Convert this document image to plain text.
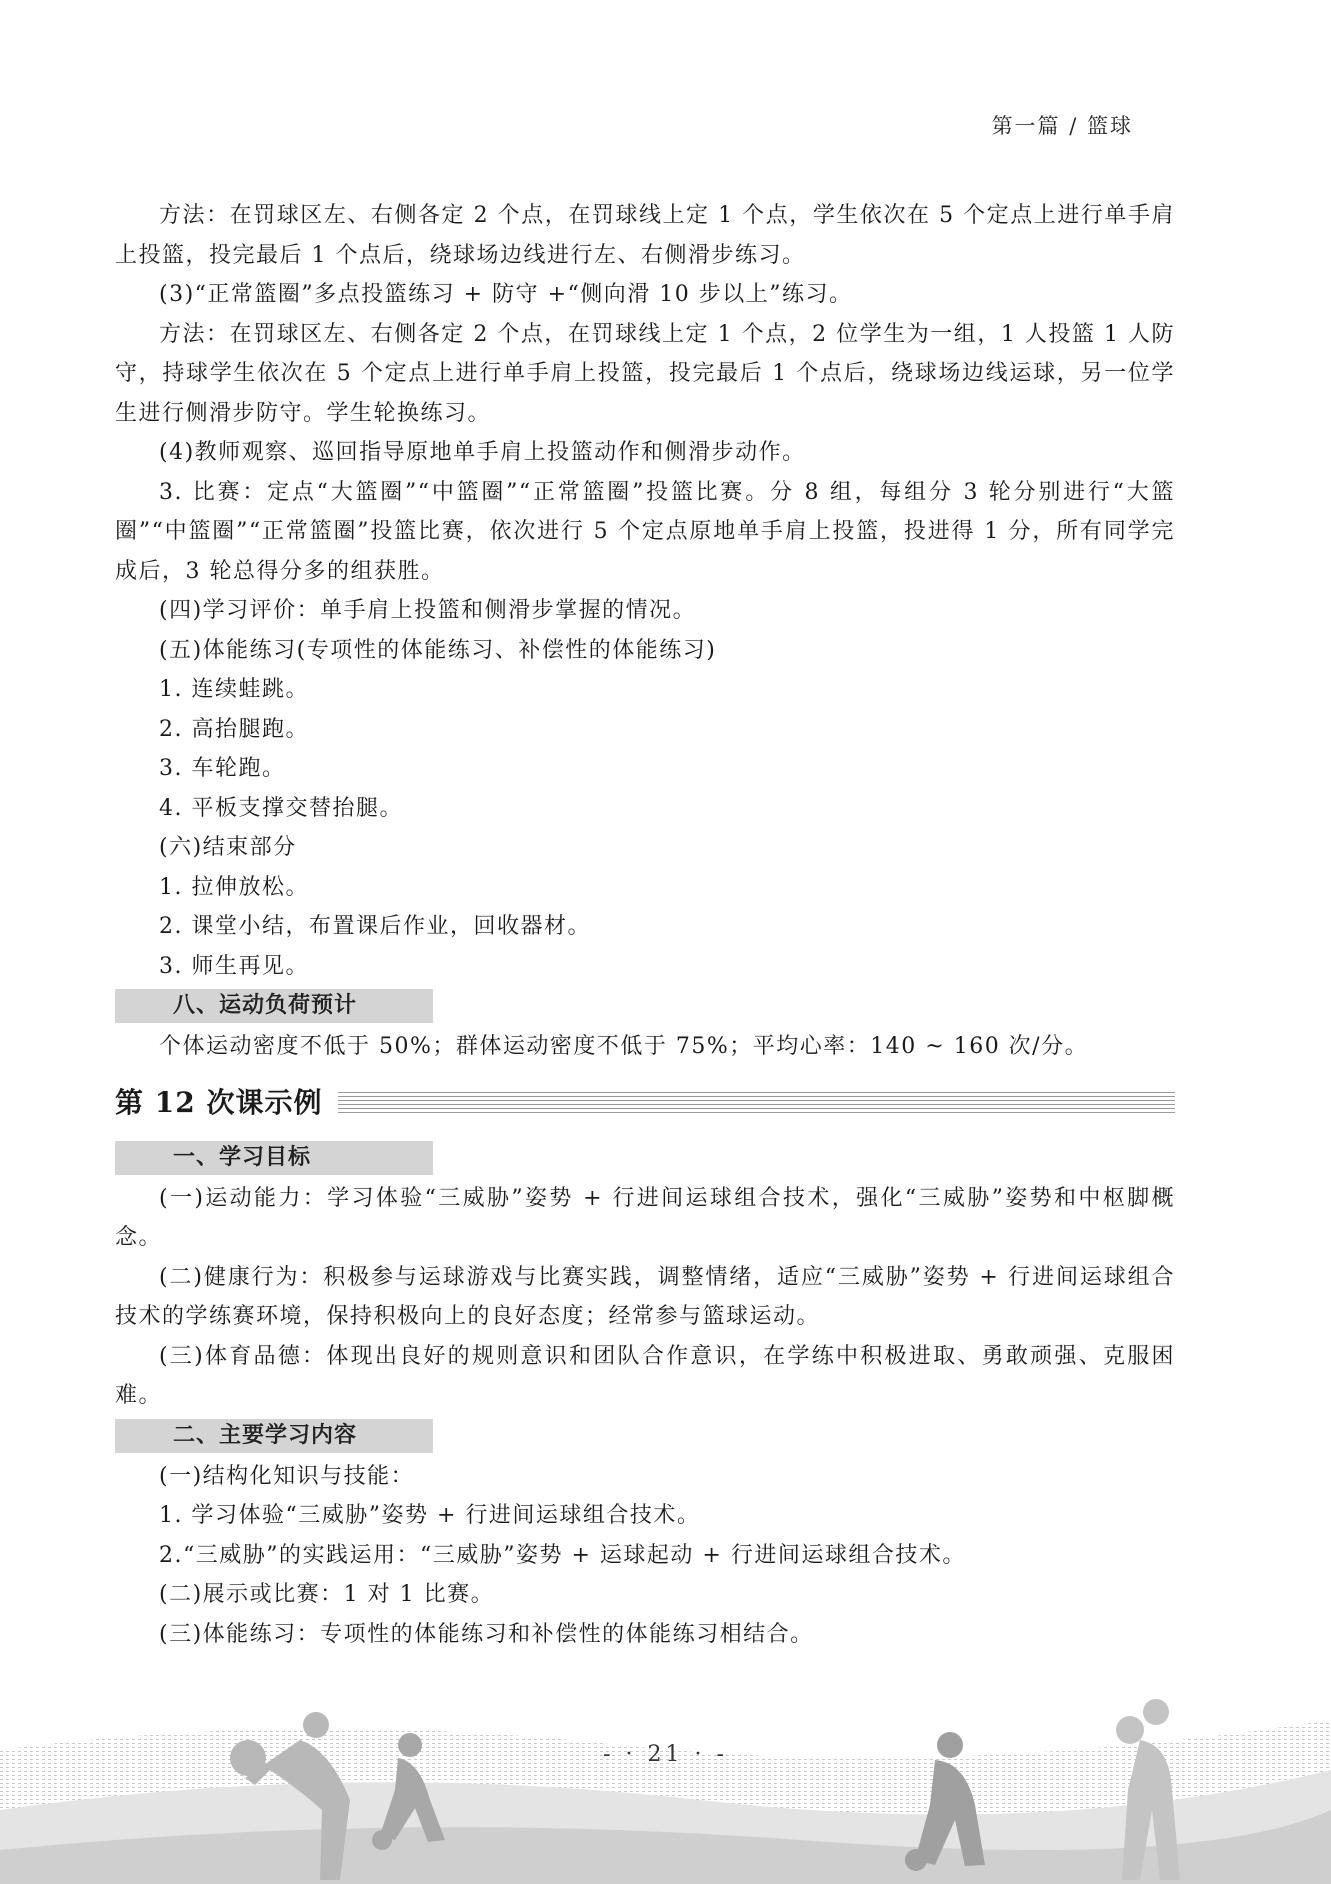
第一篇 / 篮球

方法：在罚球区左、右侧各定 2 个点，在罚球线上定 1 个点，学生依次在 5 个定点上进行单手肩上投篮，投完最后 1 个点后，绕球场边线进行左、右侧滑步练习。

(3)“正常篮圈”多点投篮练习 + 防守 +“侧向滑 10 步以上”练习。

方法：在罚球区左、右侧各定 2 个点，在罚球线上定 1 个点，2 位学生为一组，1 人投篮 1 人防守，持球学生依次在 5 个定点上进行单手肩上投篮，投完最后 1 个点后，绕球场边线运球，另一位学生进行侧滑步防守。学生轮换练习。

(4)教师观察、巡回指导原地单手肩上投篮动作和侧滑步动作。

3. 比赛：定点“大篮圈”“中篮圈”“正常篮圈”投篮比赛。分 8 组，每组分 3 轮分别进行“大篮圈”“中篮圈”“正常篮圈”投篮比赛，依次进行 5 个定点原地单手肩上投篮，投进得 1 分，所有同学完成后，3 轮总得分多的组获胜。

(四)学习评价：单手肩上投篮和侧滑步掌握的情况。

(五)体能练习(专项性的体能练习、补偿性的体能练习)

1. 连续蛙跳。

2. 高抬腿跑。

3. 车轮跑。

4. 平板支撑交替抬腿。

(六)结束部分

1. 拉伸放松。

2. 课堂小结，布置课后作业，回收器材。

3. 师生再见。

八、运动负荷预计

个体运动密度不低于 50%；群体运动密度不低于 75%；平均心率：140 ~ 160 次/分。

第 12 次课示例
一、学习目标

(一)运动能力：学习体验“三威胁”姿势 + 行进间运球组合技术，强化“三威胁”姿势和中枢脚概念。

(二)健康行为：积极参与运球游戏与比赛实践，调整情绪，适应“三威胁”姿势 + 行进间运球组合技术的学练赛环境，保持积极向上的良好态度；经常参与篮球运动。

(三)体育品德：体现出良好的规则意识和团队合作意识，在学练中积极进取、勇敢顽强、克服困难。

二、主要学习内容

(一)结构化知识与技能：

1. 学习体验“三威胁”姿势 + 行进间运球组合技术。

2.“三威胁”的实践运用：“三威胁”姿势 + 运球起动 + 行进间运球组合技术。

(二)展示或比赛：1 对 1 比赛。

(三)体能练习：专项性的体能练习和补偿性的体能练习相结合。

- · 21 · -
